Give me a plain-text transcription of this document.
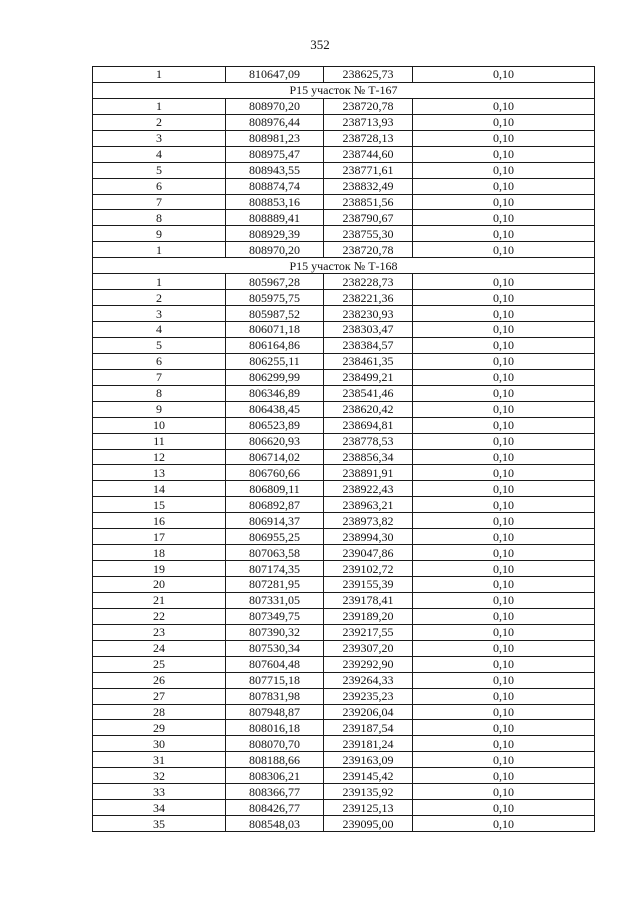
352
1	810647,09	238625,73	0,10
Р15 участок № Т-167			
1	808970,20	238720,78	0,10
2	808976,44	238713,93	0,10
3	808981,23	238728,13	0,10
4	808975,47	238744,60	0,10
5	808943,55	238771,61	0,10
6	808874,74	238832,49	0,10
7	808853,16	238851,56	0,10
8	808889,41	238790,67	0,10
9	808929,39	238755,30	0,10
1	808970,20	238720,78	0,10
Р15 участок № Т-168			
1	805967,28	238228,73	0,10
2	805975,75	238221,36	0,10
3	805987,52	238230,93	0,10
4	806071,18	238303,47	0,10
5	806164,86	238384,57	0,10
6	806255,11	238461,35	0,10
7	806299,99	238499,21	0,10
8	806346,89	238541,46	0,10
9	806438,45	238620,42	0,10
10	806523,89	238694,81	0,10
11	806620,93	238778,53	0,10
12	806714,02	238856,34	0,10
13	806760,66	238891,91	0,10
14	806809,11	238922,43	0,10
15	806892,87	238963,21	0,10
16	806914,37	238973,82	0,10
17	806955,25	238994,30	0,10
18	807063,58	239047,86	0,10
19	807174,35	239102,72	0,10
20	807281,95	239155,39	0,10
21	807331,05	239178,41	0,10
22	807349,75	239189,20	0,10
23	807390,32	239217,55	0,10
24	807530,34	239307,20	0,10
25	807604,48	239292,90	0,10
26	807715,18	239264,33	0,10
27	807831,98	239235,23	0,10
28	807948,87	239206,04	0,10
29	808016,18	239187,54	0,10
30	808070,70	239181,24	0,10
31	808188,66	239163,09	0,10
32	808306,21	239145,42	0,10
33	808366,77	239135,92	0,10
34	808426,77	239125,13	0,10
35	808548,03	239095,00	0,10
